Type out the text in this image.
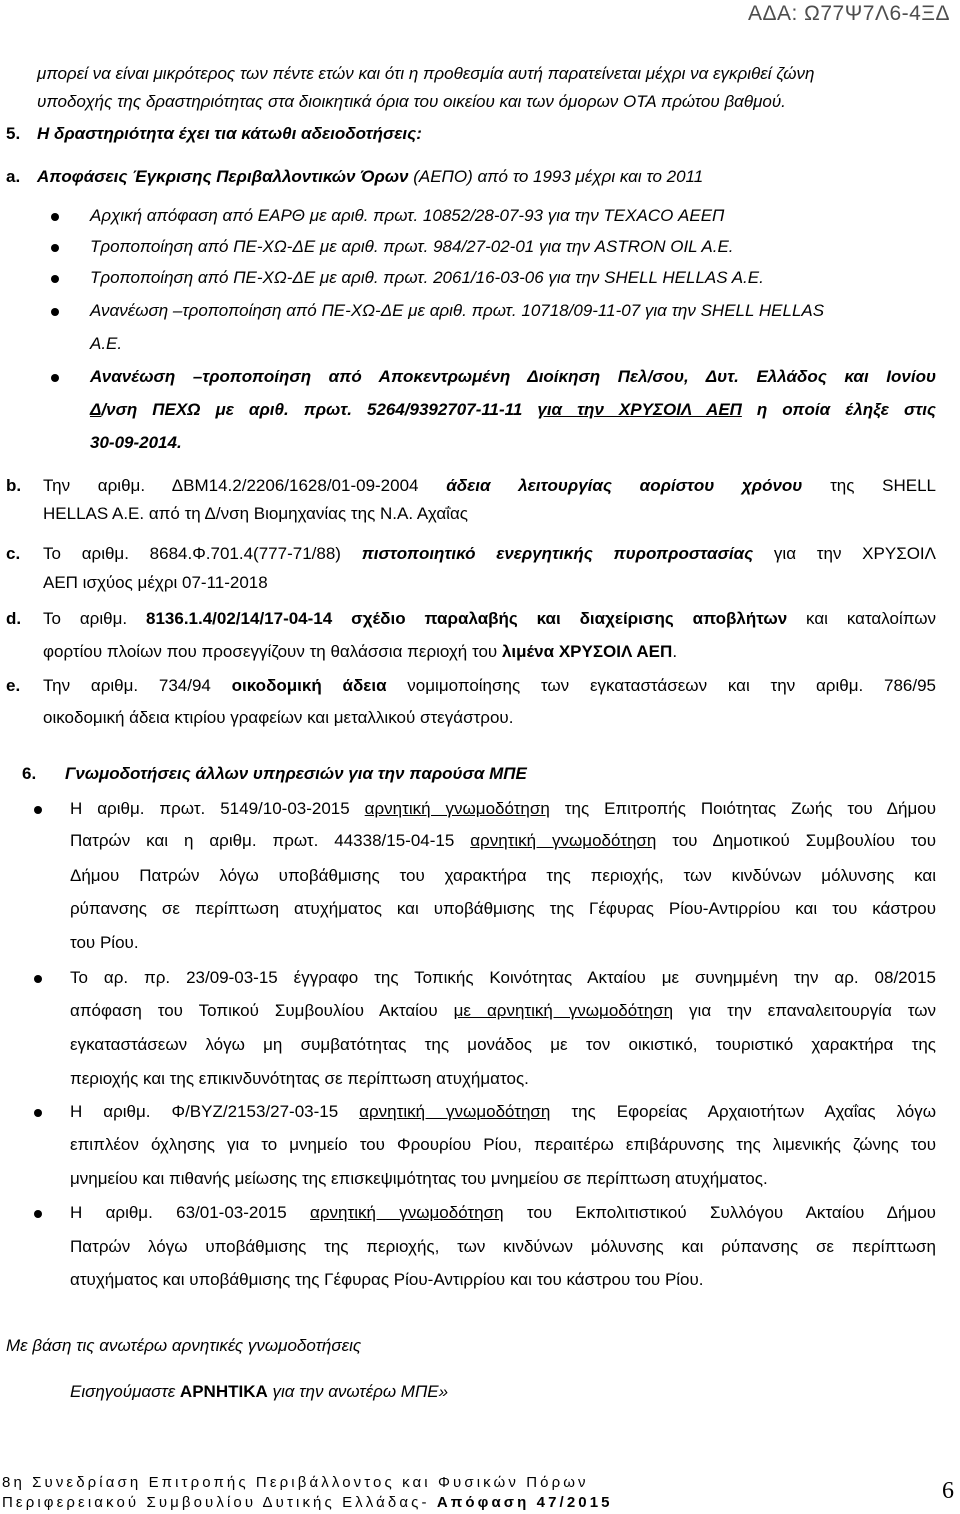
ΑΔΑ: Ω77Ψ7Λ6-4ΞΔ
μπορεί να είναι μικρότερος των πέντε ετών και ότι η προθεσμία αυτή παρατείνεται μέχρι να εγκριθεί ζώνη
υποδοχής της δραστηριότητας στα διοικητικά όρια του οικείου και των όμορων ΟΤΑ πρώτου βαθμού.
5. Η δραστηριότητα έχει τια κάτωθι αδειοδοτήσεις:
a. Αποφάσεις Έγκρισης Περιβαλλοντικών Όρων (ΑΕΠΟ) από το 1993 μέχρι και το 2011
Αρχική απόφαση από ΕΑΡΘ με αριθ. πρωτ. 10852/28-07-93 για την TEXACO ΑΕΕΠ
Τροποποίηση από ΠΕ-ΧΩ-ΔΕ με αριθ. πρωτ. 984/27-02-01 για την ASTRON OIL A.E.
Τροποποίηση από ΠΕ-ΧΩ-ΔΕ με αριθ. πρωτ. 2061/16-03-06 για την SHELL HELLAS A.E.
Ανανέωση –τροποποίηση από ΠΕ-ΧΩ-ΔΕ με αριθ. πρωτ. 10718/09-11-07 για την SHELL HELLAS
Α.Ε.
Ανανέωση –τροποποίηση από Αποκεντρωμένη Διοίκηση Πελ/σου, Δυτ. Ελλάδος και Ιονίου
Δ/νση ΠΕΧΩ με αριθ. πρωτ. 5264/9392707-11-11 για την ΧΡΥΣΟΙΛ ΑΕΠ η οποία έληξε στις
30-09-2014.
b. Την αριθμ. ΔΒΜ14.2/2206/1628/01-09-2004 άδεια λειτουργίας αορίστου χρόνου της SHELL
HELLAS A.E. από τη Δ/νση Βιομηχανίας της Ν.Α. Αχαΐας
c. Το αριθμ. 8684.Φ.701.4(777-71/88) πιστοποιητικό ενεργητικής πυροπροστασίας για την ΧΡΥΣΟΙΛ
ΑΕΠ ισχύος μέχρι 07-11-2018
d. Το αριθμ. 8136.1.4/02/14/17-04-14 σχέδιο παραλαβής και διαχείρισης αποβλήτων και καταλοίπων
φορτίου πλοίων που προσεγγίζουν τη θαλάσσια περιοχή του λιμένα ΧΡΥΣΟΙΛ ΑΕΠ.
e. Την αριθμ. 734/94 οικοδομική άδεια νομιμοποίησης των εγκαταστάσεων και την αριθμ. 786/95
οικοδομική άδεια κτιρίου γραφείων και μεταλλικού στεγάστρου.
6. Γνωμοδοτήσεις άλλων υπηρεσιών για την παρούσα ΜΠΕ
Η αριθμ. πρωτ. 5149/10-03-2015 αρνητική γνωμοδότηση της Επιτροπής Ποιότητας Ζωής του Δήμου
Πατρών και η αριθμ. πρωτ. 44338/15-04-15 αρνητική γνωμοδότηση του Δημοτικού Συμβουλίου του
Δήμου Πατρών λόγω υποβάθμισης του χαρακτήρα της περιοχής, των κινδύνων μόλυνσης και
ρύπανσης σε περίπτωση ατυχήματος και υποβάθμισης της Γέφυρας Ρίου-Αντιρρίου και του κάστρου
του Ρίου.
Το αρ. πρ. 23/09-03-15 έγγραφο της Τοπικής Κοινότητας Ακταίου με συνημμένη την αρ. 08/2015
απόφαση του Τοπικού Συμβουλίου Ακταίου με αρνητική γνωμοδότηση για την επαναλειτουργία των
εγκαταστάσεων λόγω μη συμβατότητας της μονάδος με τον οικιστικό, τουριστικό χαρακτήρα της
περιοχής και της επικινδυνότητας σε περίπτωση ατυχήματος.
Η αριθμ. Φ/ΒΥΖ/2153/27-03-15 αρνητική γνωμοδότηση της Εφορείας Αρχαιοτήτων Αχαΐας λόγω
επιπλέον όχλησης για το μνημείο του Φρουρίου Ρίου, περαιτέρω επιβάρυνσης της λιμενικής ζώνης του
μνημείου και πιθανής μείωσης της επισκεψιμότητας του μνημείου σε περίπτωση ατυχήματος.
Η αριθμ. 63/01-03-2015 αρνητική γνωμοδότηση του Εκπολιτιστικού Συλλόγου Ακταίου Δήμου
Πατρών λόγω υποβάθμισης της περιοχής, των κινδύνων μόλυνσης και ρύπανσης σε περίπτωση
ατυχήματος και υποβάθμισης της Γέφυρας Ρίου-Αντιρρίου και του κάστρου του Ρίου.
Με βάση τις ανωτέρω αρνητικές γνωμοδοτήσεις
Εισηγούμαστε ΑΡΝΗΤΙΚΑ για την ανωτέρω ΜΠΕ»
8η Συνεδρίαση Επιτροπής Περιβάλλοντος και Φυσικών Πόρων
Περιφερειακού Συμβουλίου Δυτικής Ελλάδας- Απόφαση 47/2015	6
